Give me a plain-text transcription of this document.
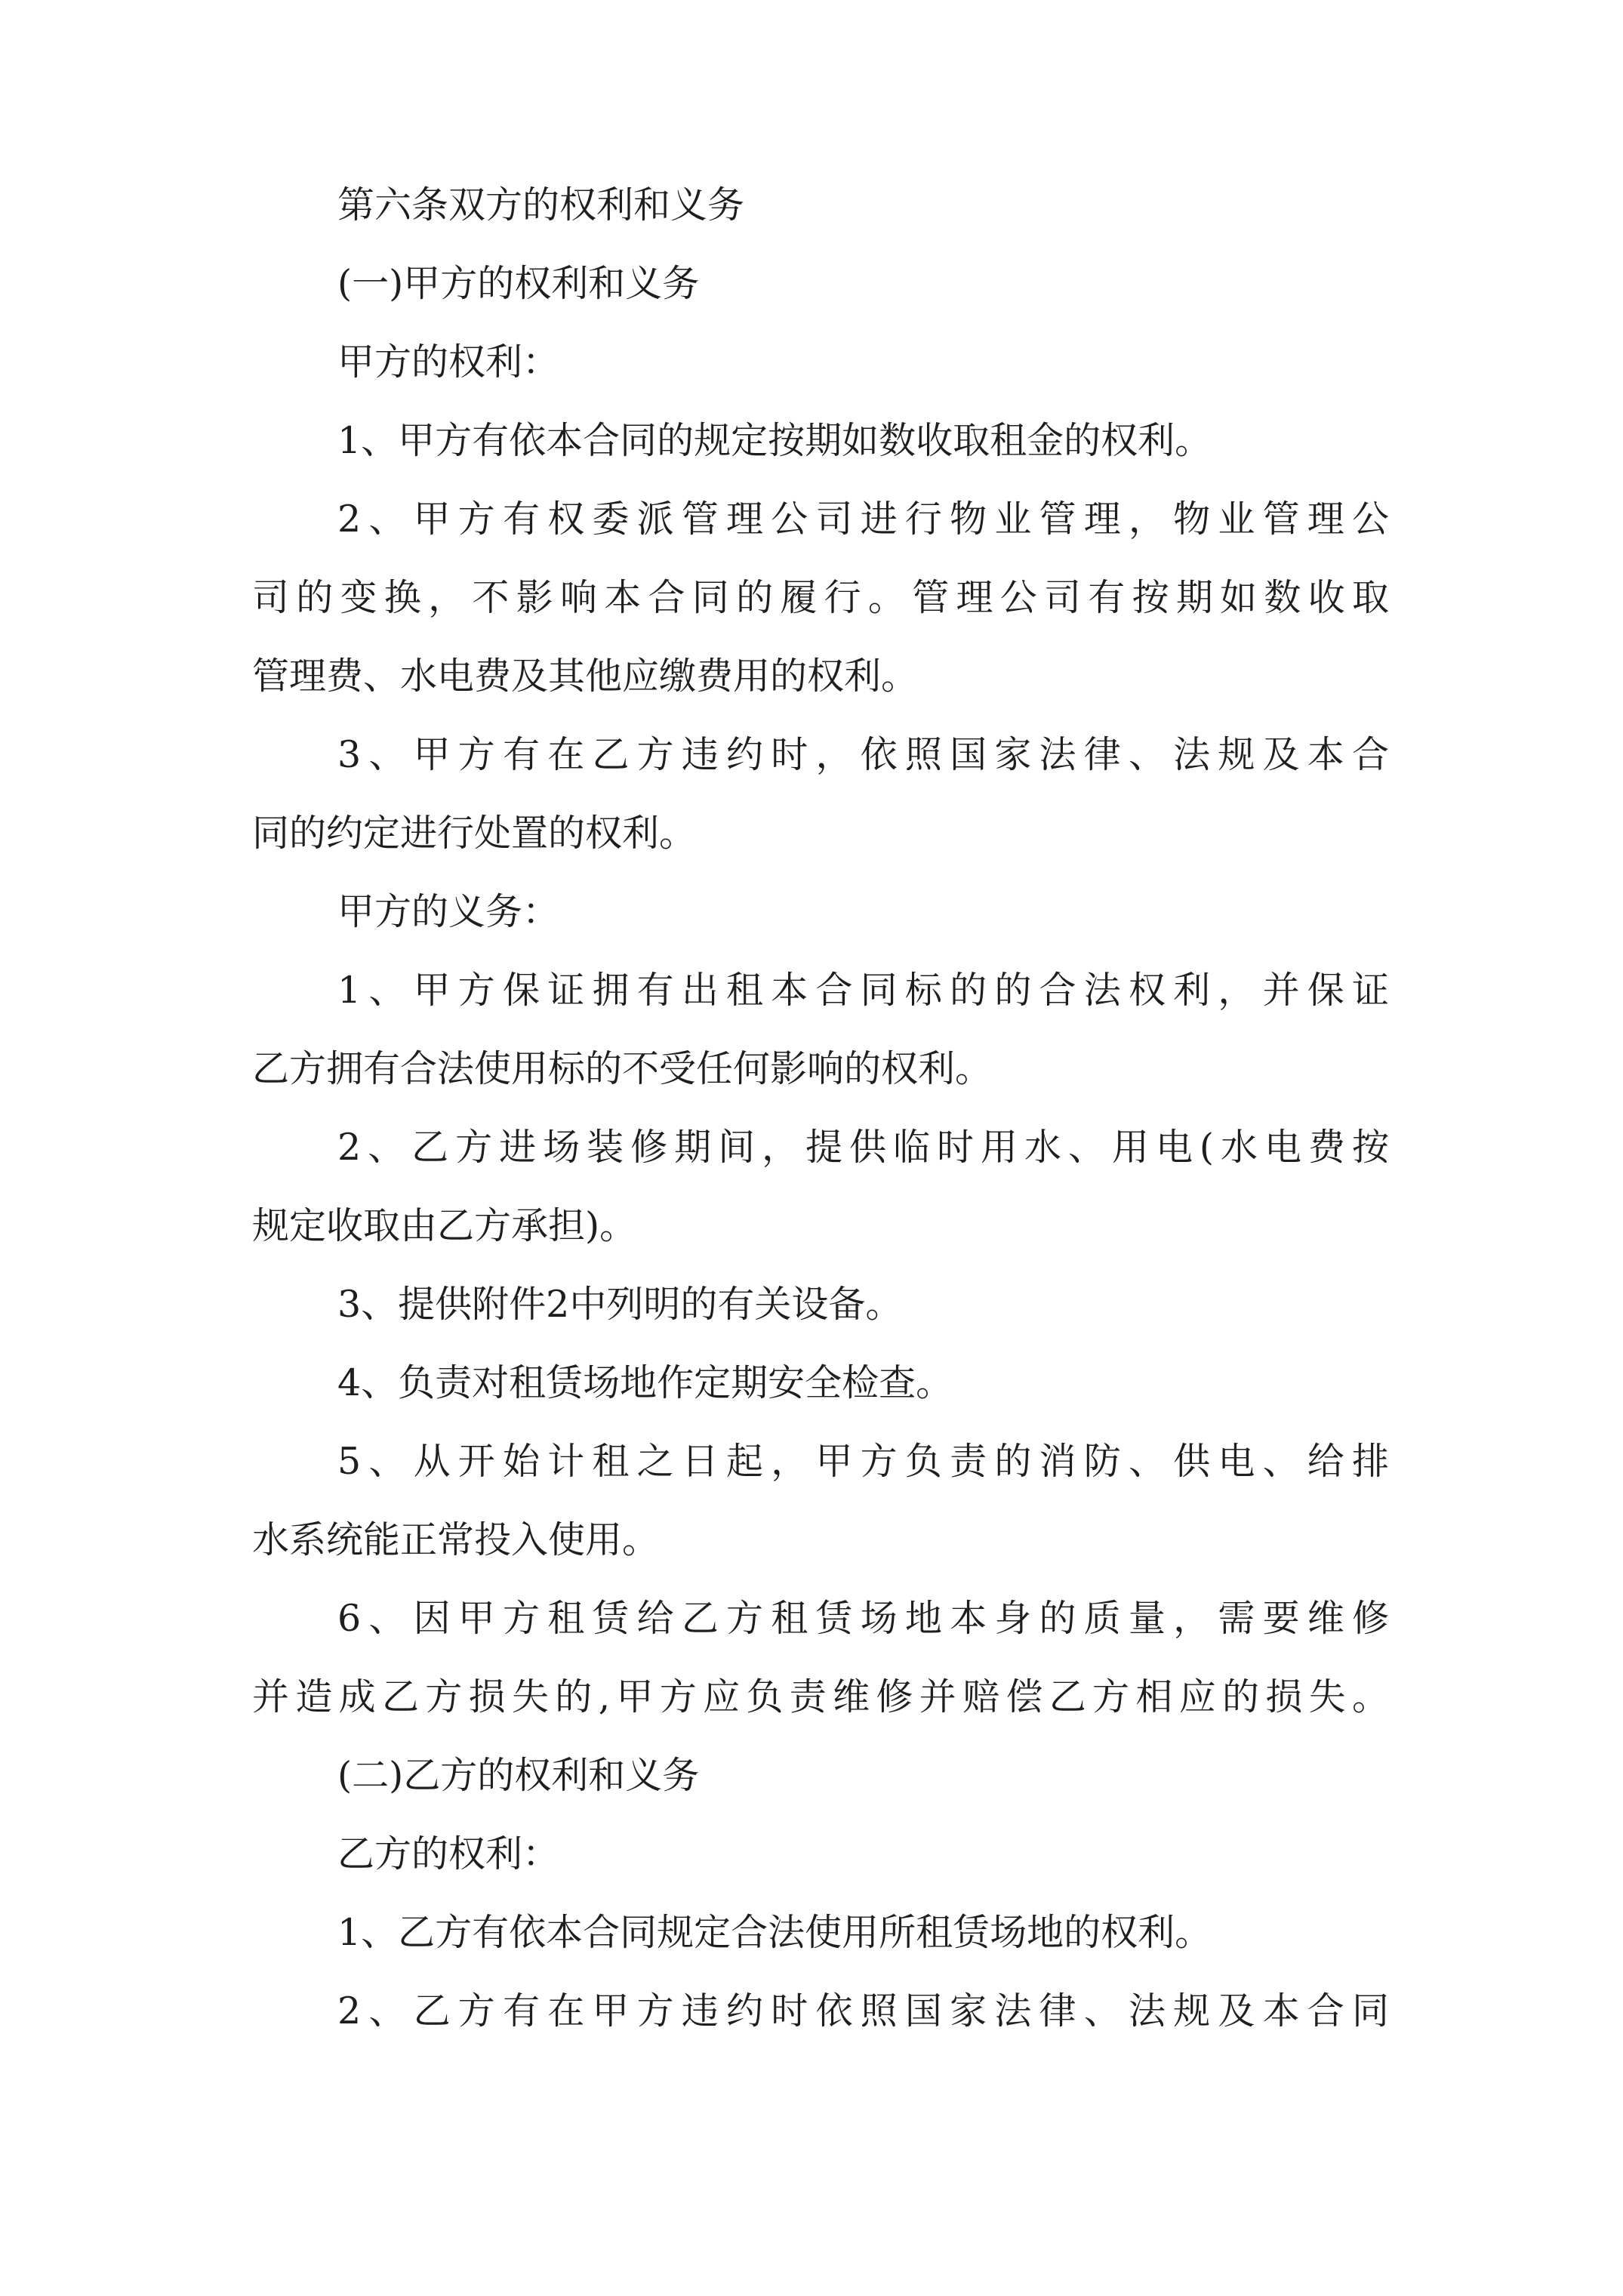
第六条双方的权利和义务
(一)甲方的权利和义务
甲方的权利：
1、甲方有依本合同的规定按期如数收取租金的权利。
2、甲方有权委派管理公司进行物业管理，物业管理公
司的变换，不影响本合同的履行。管理公司有按期如数收取
管理费、水电费及其他应缴费用的权利。
3、甲方有在乙方违约时，依照国家法律、法规及本合
同的约定进行处置的权利。
甲方的义务：
1、甲方保证拥有出租本合同标的的合法权利，并保证
乙方拥有合法使用标的不受任何影响的权利。
2、乙方进场装修期间，提供临时用水、用电(水电费按
规定收取由乙方承担)。
3、提供附件2中列明的有关设备。
4、负责对租赁场地作定期安全检查。
5、从开始计租之日起，甲方负责的消防、供电、给排
水系统能正常投入使用。
6、因甲方租赁给乙方租赁场地本身的质量，需要维修
并造成乙方损失的,甲方应负责维修并赔偿乙方相应的损失。
(二)乙方的权利和义务
乙方的权利：
1、乙方有依本合同规定合法使用所租赁场地的权利。
2、乙方有在甲方违约时依照国家法律、法规及本合同
